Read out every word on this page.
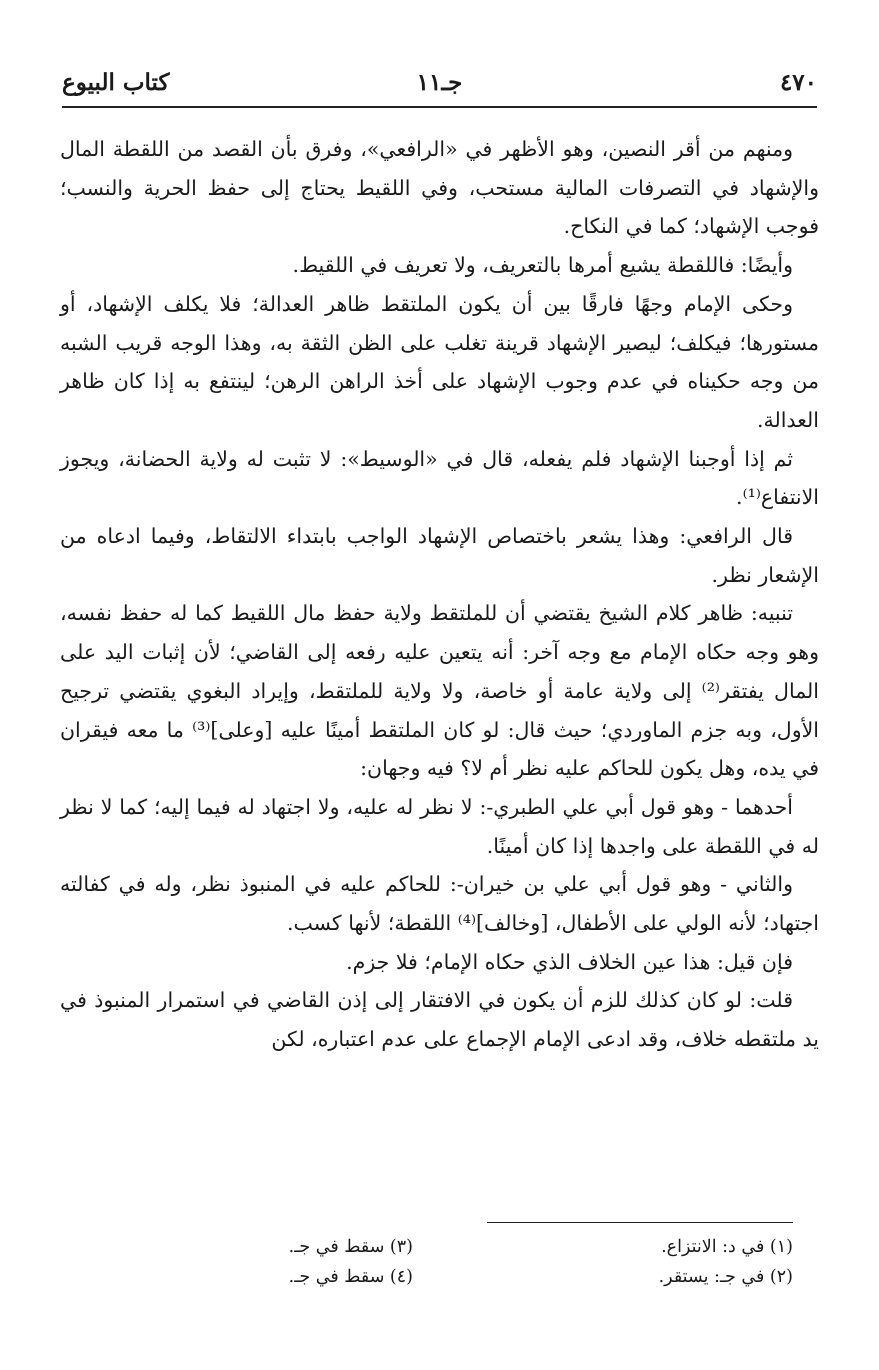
٤٧٠
جـ١١
كتاب البيوع

ومنهم من أقر النصين، وهو الأظهر في «الرافعي»، وفرق بأن القصد من اللقطة المال والإشهاد في التصرفات المالية مستحب، وفي اللقيط يحتاج إلى حفظ الحرية والنسب؛ فوجب الإشهاد؛ كما في النكاح.

وأيضًا: فاللقطة يشيع أمرها بالتعريف، ولا تعريف في اللقيط.

وحكى الإمام وجهًا فارقًا بين أن يكون الملتقط ظاهر العدالة؛ فلا يكلف الإشهاد، أو مستورها؛ فيكلف؛ ليصير الإشهاد قرينة تغلب على الظن الثقة به، وهذا الوجه قريب الشبه من وجه حكيناه في عدم وجوب الإشهاد على أخذ الراهن الرهن؛ لينتفع به إذا كان ظاهر العدالة.

ثم إذا أوجبنا الإشهاد فلم يفعله، قال في «الوسيط»: لا تثبت له ولاية الحضانة، ويجوز الانتفاع⁽¹⁾.

قال الرافعي: وهذا يشعر باختصاص الإشهاد الواجب بابتداء الالتقاط، وفيما ادعاه من الإشعار نظر.

تنبيه: ظاهر كلام الشيخ يقتضي أن للملتقط ولاية حفظ مال اللقيط كما له حفظ نفسه، وهو وجه حكاه الإمام مع وجه آخر: أنه يتعين عليه رفعه إلى القاضي؛ لأن إثبات اليد على المال يفتقر⁽²⁾ إلى ولاية عامة أو خاصة، ولا ولاية للملتقط، وإيراد البغوي يقتضي ترجيح الأول، وبه جزم الماوردي؛ حيث قال: لو كان الملتقط أمينًا عليه [وعلى]⁽³⁾ ما معه فيقران في يده، وهل يكون للحاكم عليه نظر أم لا؟ فيه وجهان:

أحدهما - وهو قول أبي علي الطبري-: لا نظر له عليه، ولا اجتهاد له فيما إليه؛ كما لا نظر له في اللقطة على واجدها إذا كان أمينًا.

والثاني - وهو قول أبي علي بن خيران-: للحاكم عليه في المنبوذ نظر، وله في كفالته اجتهاد؛ لأنه الولي على الأطفال، [وخالف]⁽⁴⁾ اللقطة؛ لأنها كسب.

فإن قيل: هذا عين الخلاف الذي حكاه الإمام؛ فلا جزم.

قلت: لو كان كذلك للزم أن يكون في الافتقار إلى إذن القاضي في استمرار المنبوذ في يد ملتقطه خلاف، وقد ادعى الإمام الإجماع على عدم اعتباره، لكن

(١) في د: الانتزاع.
(٢) في جـ: يستقر.
(٣) سقط في جـ.
(٤) سقط في جـ.
